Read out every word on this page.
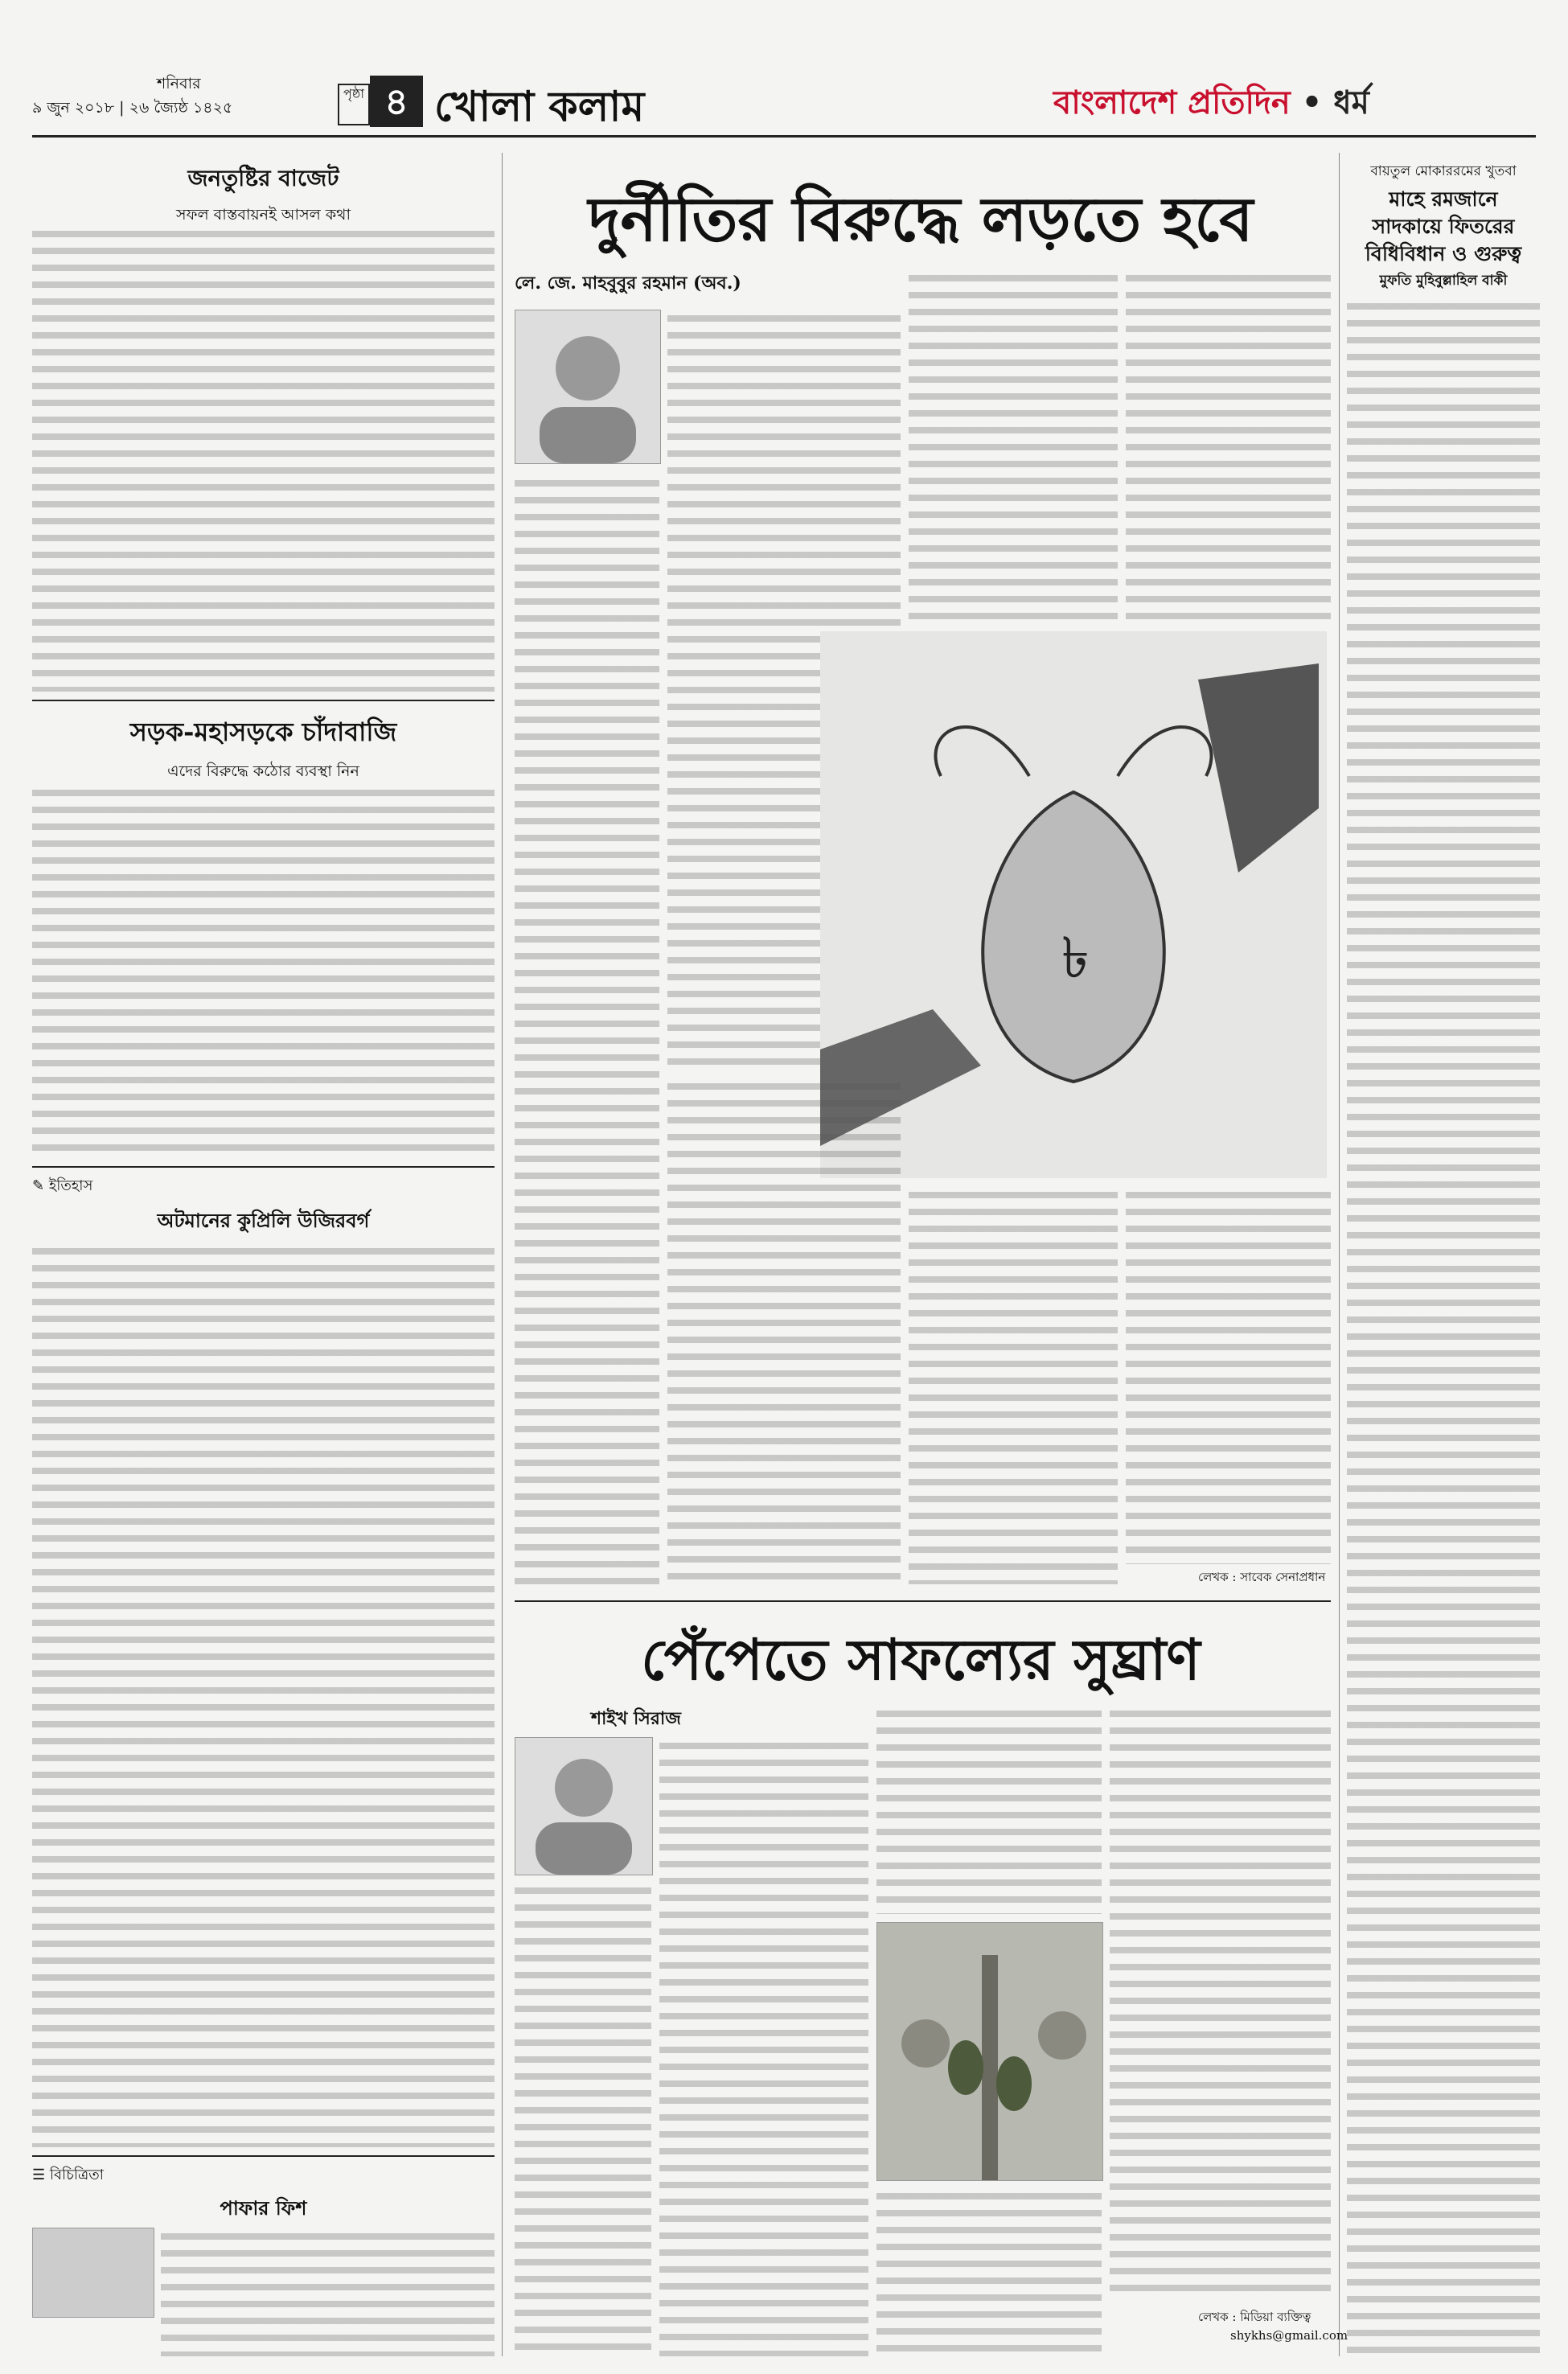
শনিবার
৯ জুন ২০১৮ | ২৬ জ্যৈষ্ঠ ১৪২৫
পৃষ্ঠা ৪ খোলা কলাম	বাংলাদেশ প্রতিদিন • ধর্ম
জনতুষ্টির বাজেট
সফল বাস্তবায়নই আসল কথা
সড়ক-মহাসড়কে চাঁদাবাজি
এদের বিরুদ্ধে কঠোর ব্যবস্থা নিন
✎ ইতিহাস
অটমানের কুপ্রিলি উজিরবর্গ
☰ বিচিত্রিতা
পাফার ফিশ
দুর্নীতির বিরুদ্ধে লড়তে হবে
লে. জে. মাহবুবুর রহমান (অব.)
৳
লেখক : সাবেক সেনাপ্রধান
পেঁপেতে সাফল্যের সুঘ্রাণ
শাইখ সিরাজ
লেখক : মিডিয়া ব্যক্তিত্ব
shykhs@gmail.com
বায়তুল মোকাররমের খুতবা
মাহে রমজানে
সাদকায়ে ফিতরের
বিধিবিধান ও গুরুত্ব
মুফতি মুহিবুল্লাহিল বাকী
